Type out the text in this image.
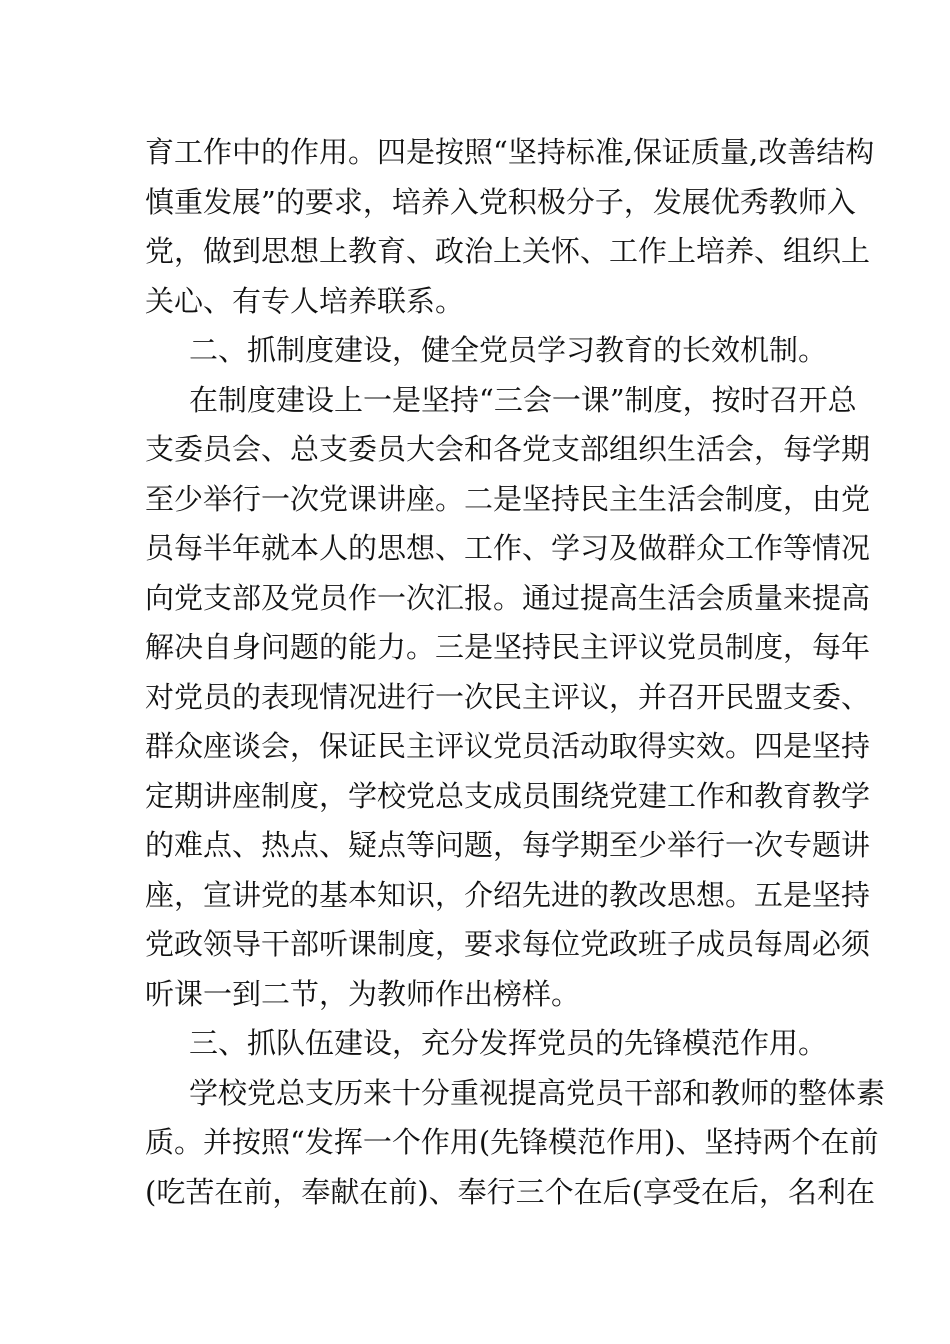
育工作中的作用。四是按照“坚持标准,保证质量,改善结构
慎重发展”的要求，培养入党积极分子，发展优秀教师入
党，做到思想上教育、政治上关怀、工作上培养、组织上
关心、有专人培养联系。
二、抓制度建设，健全党员学习教育的长效机制。
在制度建设上一是坚持“三会一课”制度，按时召开总
支委员会、总支委员大会和各党支部组织生活会，每学期
至少举行一次党课讲座。二是坚持民主生活会制度，由党
员每半年就本人的思想、工作、学习及做群众工作等情况
向党支部及党员作一次汇报。通过提高生活会质量来提高
解决自身问题的能力。三是坚持民主评议党员制度，每年
对党员的表现情况进行一次民主评议，并召开民盟支委、
群众座谈会，保证民主评议党员活动取得实效。四是坚持
定期讲座制度，学校党总支成员围绕党建工作和教育教学
的难点、热点、疑点等问题，每学期至少举行一次专题讲
座，宣讲党的基本知识，介绍先进的教改思想。五是坚持
党政领导干部听课制度，要求每位党政班子成员每周必须
听课一到二节，为教师作出榜样。
三、抓队伍建设，充分发挥党员的先锋模范作用。
学校党总支历来十分重视提高党员干部和教师的整体素
质。并按照“发挥一个作用(先锋模范作用)、坚持两个在前
(吃苦在前，奉献在前)、奉行三个在后(享受在后，名利在
